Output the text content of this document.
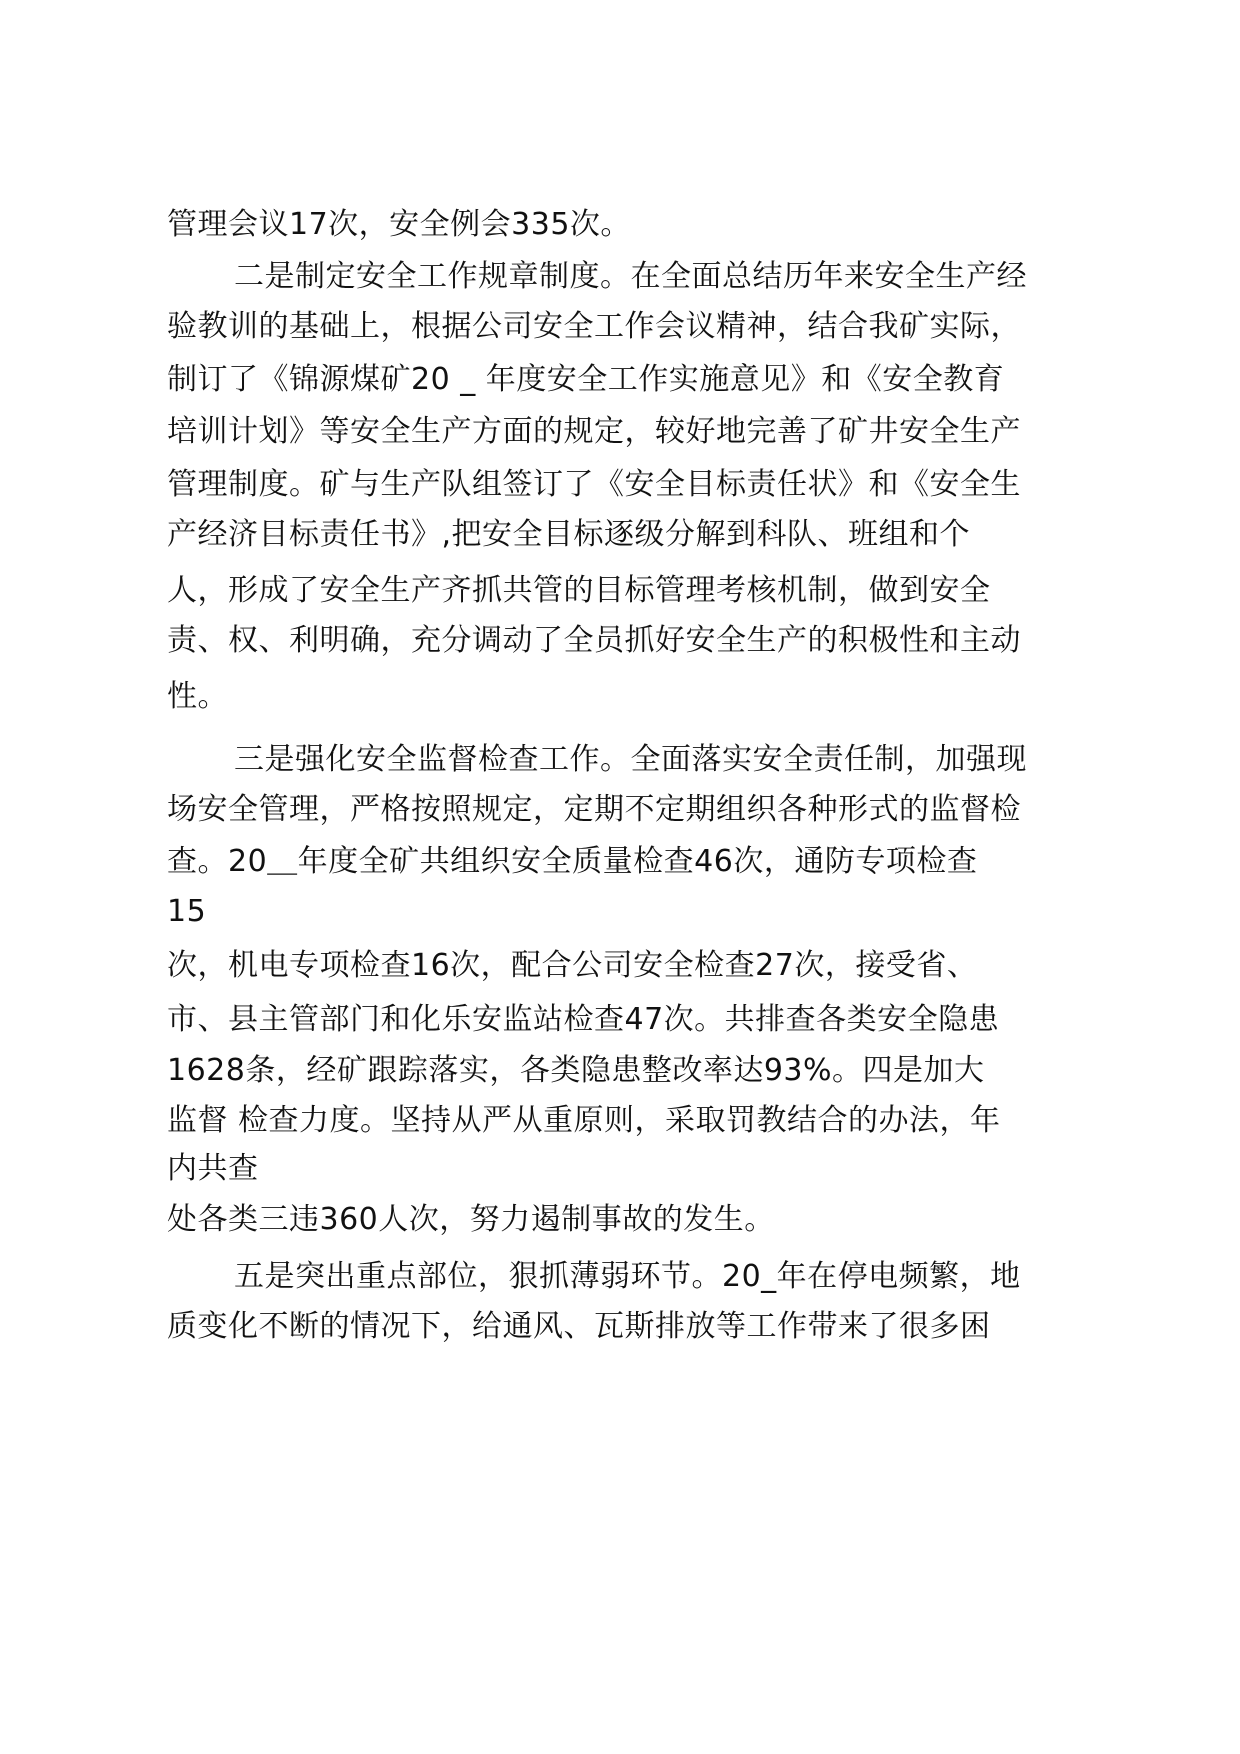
管理会议17次，安全例会335次。
二是制定安全工作规章制度。在全面总结历年来安全生产经
验教训的基础上，根据公司安全工作会议精神，结合我矿实际，
制订了《锦源煤矿20 _ 年度安全工作实施意见》和《安全教育
培训计划》等安全生产方面的规定，较好地完善了矿井安全生产
管理制度。矿与生产队组签订了《安全目标责任状》和《安全生
产经济目标责任书》,把安全目标逐级分解到科队、班组和个
人，形成了安全生产齐抓共管的目标管理考核机制，做到安全
责、权、利明确，充分调动了全员抓好安全生产的积极性和主动
性。
三是强化安全监督检查工作。全面落实安全责任制，加强现
场安全管理，严格按照规定，定期不定期组织各种形式的监督检
查。20＿年度全矿共组织安全质量检查46次，通防专项检查
15
次，机电专项检查16次，配合公司安全检查27次，接受省、
市、县主管部门和化乐安监站检查47次。共排查各类安全隐患
1628条，经矿跟踪落实，各类隐患整改率达93%。四是加大
监督 检查力度。坚持从严从重原则，采取罚教结合的办法，年
内共查
处各类三违360人次，努力遏制事故的发生。
五是突出重点部位，狠抓薄弱环节。20_年在停电频繁，地
质变化不断的情况下，给通风、瓦斯排放等工作带来了很多困
